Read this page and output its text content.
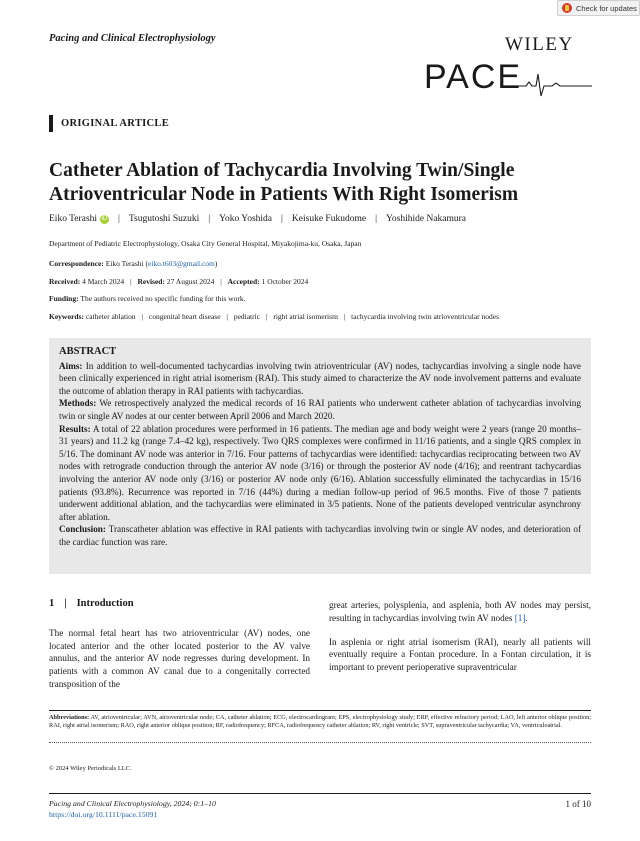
Check for updates
Pacing and Clinical Electrophysiology	WILEY
PACE
ORIGINAL ARTICLE
Catheter Ablation of Tachycardia Involving Twin/Single Atrioventricular Node in Patients With Right Isomerism
Eiko Terashi iD | Tsugutoshi Suzuki | Yoko Yoshida | Keisuke Fukudome | Yoshihide Nakamura
Department of Pediatric Electrophysiology, Osaka City General Hospital, Miyakojima-ku, Osaka, Japan
Correspondence: Eiko Terashi (eiko.t603@gmail.com)
Received: 4 March 2024 | Revised: 27 August 2024 | Accepted: 1 October 2024
Funding: The authors received no specific funding for this work.
Keywords: catheter ablation | congenital heart disease | pediatric | right atrial isomerism | tachycardia involving twin atrioventricular nodes
ABSTRACT

Aims: In addition to well-documented tachycardias involving twin atrioventricular (AV) nodes, tachycardias involving a single node have been clinically experienced in right atrial isomerism (RAI). This study aimed to characterize the AV node involvement patterns and evaluate the outcome of ablation therapy in RAI patients with tachycardias.

Methods: We retrospectively analyzed the medical records of 16 RAI patients who underwent catheter ablation of tachycardias involving twin or single AV nodes at our center between April 2006 and March 2020.

Results: A total of 22 ablation procedures were performed in 16 patients. The median age and body weight were 2 years (range 20 months–31 years) and 11.2 kg (range 7.4–42 kg), respectively. Two QRS complexes were confirmed in 11/16 patients, and a single QRS complex in 5/16. The dominant AV node was anterior in 7/16. Four patterns of tachycardias were identified: tachycardias reciprocating between two AV nodes with retrograde conduction through the anterior AV node (3/16) or through the posterior AV node (4/16); and reentrant tachycardias involving the anterior AV node only (3/16) or posterior AV node only (6/16). Ablation successfully eliminated the tachycardias in 15/16 patients (93.8%). Recurrence was reported in 7/16 (44%) during a median follow-up period of 96.5 months. Five of those 7 patients underwent additional ablation, and the tachycardias were eliminated in 3/5 patients. None of the patients developed ventricular asynchrony after ablation.

Conclusion: Transcatheter ablation was effective in RAI patients with tachycardias involving twin or single AV nodes, and deterioration of the cardiac function was rare.

1 | Introduction
The normal fetal heart has two atrioventricular (AV) nodes, one located anterior and the other located posterior to the AV valve annulus, and the anterior AV node regresses during development. In patients with a common AV canal due to a congenitally corrected transposition of the
great arteries, polysplenia, and asplenia, both AV nodes may persist, resulting in tachycardias involving twin AV nodes [1].
In asplenia or right atrial isomerism (RAI), nearly all patients will eventually require a Fontan procedure. In a Fontan circulation, it is important to prevent perioperative supraventricular
Abbreviations: AV, atrioventricular; AVN, atrioventricular node; CA, catheter ablation; ECG, electrocardiogram; EPS, electrophysiology study; ERP, effective refractory period; LAO, left anterior oblique position; RAI, right atrial isomerism; RAO, right anterior oblique position; RF, radiofrequency; RFCA, radiofrequency catheter ablation; RV, right ventricle; SVT, supraventricular tachycardia; VA, ventriculoatrial.
© 2024 Wiley Periodicals LLC.
Pacing and Clinical Electrophysiology, 2024; 0:1–10
https://doi.org/10.1111/pace.15091
1 of 10
